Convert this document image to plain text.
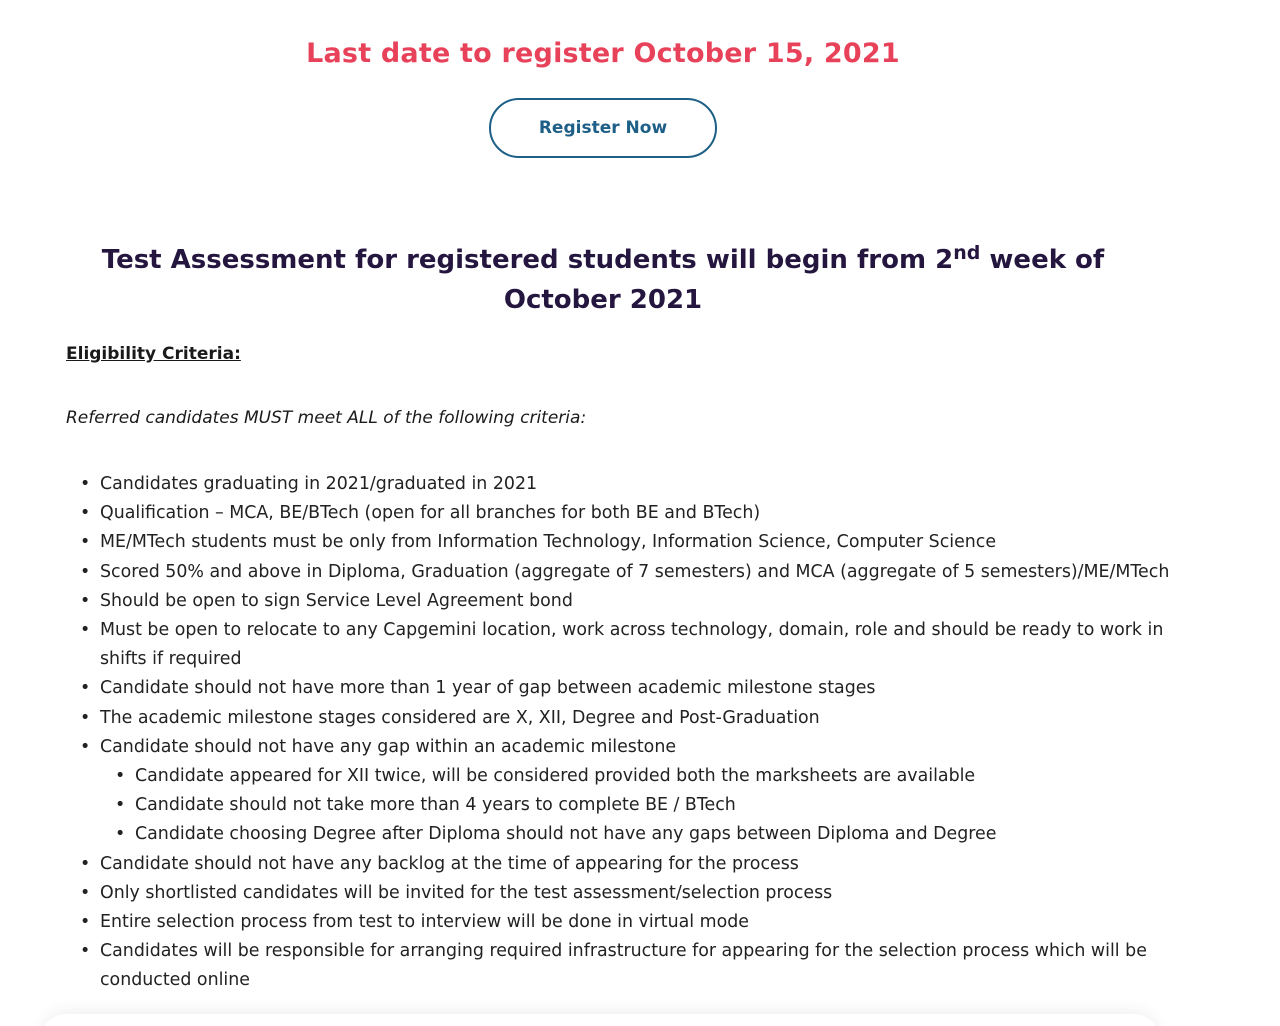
Last date to register October 15, 2021
Register Now
Test Assessment for registered students will begin from 2nd week of October 2021
Eligibility Criteria:
Referred candidates MUST meet ALL of the following criteria:
• Candidates graduating in 2021/graduated in 2021
• Qualification – MCA, BE/BTech (open for all branches for both BE and BTech)
• ME/MTech students must be only from Information Technology, Information Science, Computer Science
• Scored 50% and above in Diploma, Graduation (aggregate of 7 semesters) and MCA (aggregate of 5 semesters)/ME/MTech
• Should be open to sign Service Level Agreement bond
• Must be open to relocate to any Capgemini location, work across technology, domain, role and should be ready to work in shifts if required
• Candidate should not have more than 1 year of gap between academic milestone stages
• The academic milestone stages considered are X, XII, Degree and Post-Graduation
• Candidate should not have any gap within an academic milestone
• Candidate appeared for XII twice, will be considered provided both the marksheets are available
• Candidate should not take more than 4 years to complete BE / BTech
• Candidate choosing Degree after Diploma should not have any gaps between Diploma and Degree
• Candidate should not have any backlog at the time of appearing for the process
• Only shortlisted candidates will be invited for the test assessment/selection process
• Entire selection process from test to interview will be done in virtual mode
• Candidates will be responsible for arranging required infrastructure for appearing for the selection process which will be conducted online
